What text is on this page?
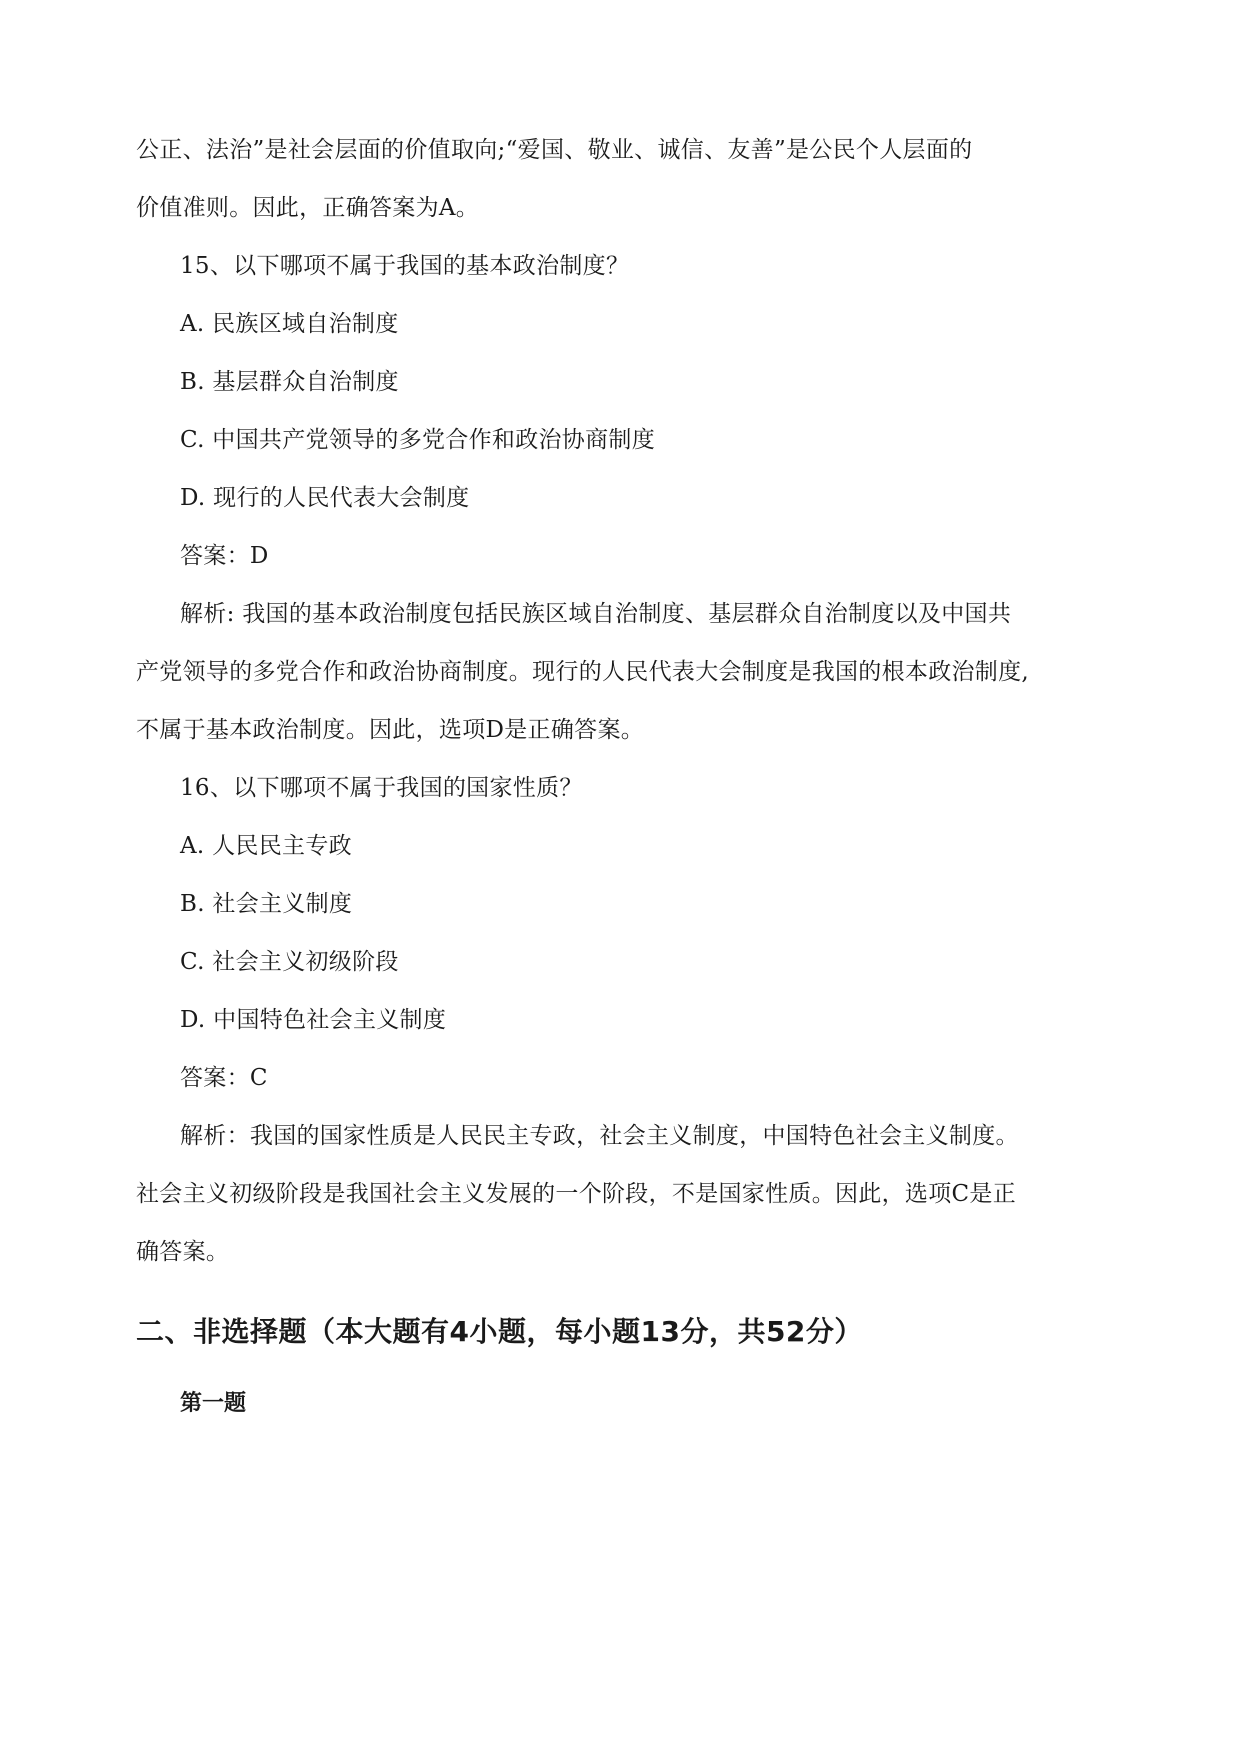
公正、法治”是社会层面的价值取向;“爱国、敬业、诚信、友善”是公民个人层面的
价值准则。因此，正确答案为A。
15、以下哪项不属于我国的基本政治制度？
A. 民族区域自治制度
B. 基层群众自治制度
C. 中国共产党领导的多党合作和政治协商制度
D. 现行的人民代表大会制度
答案：D
解析: 我国的基本政治制度包括民族区域自治制度、基层群众自治制度以及中国共
产党领导的多党合作和政治协商制度。现行的人民代表大会制度是我国的根本政治制度,
不属于基本政治制度。因此，选项D是正确答案。
16、以下哪项不属于我国的国家性质？
A. 人民民主专政
B. 社会主义制度
C. 社会主义初级阶段
D. 中国特色社会主义制度
答案：C
解析：我国的国家性质是人民民主专政，社会主义制度，中国特色社会主义制度。
社会主义初级阶段是我国社会主义发展的一个阶段，不是国家性质。因此，选项C是正
确答案。
二、非选择题（本大题有4小题，每小题13分，共52分）
第一题
